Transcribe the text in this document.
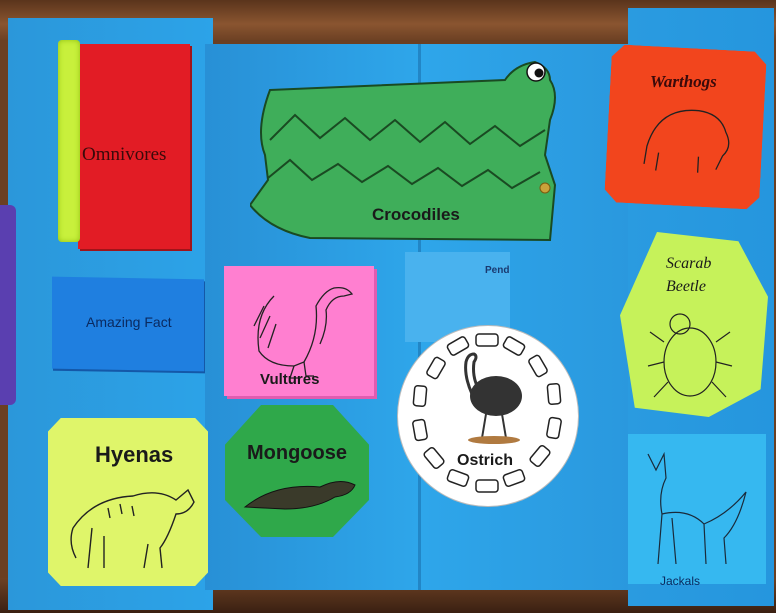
Omnivores
Amazing Fact
Hyenas
Crocodiles
Vultures
Mongoose
Pend
Ostrich
Warthogs
Scarab
Beetle
Jackals
